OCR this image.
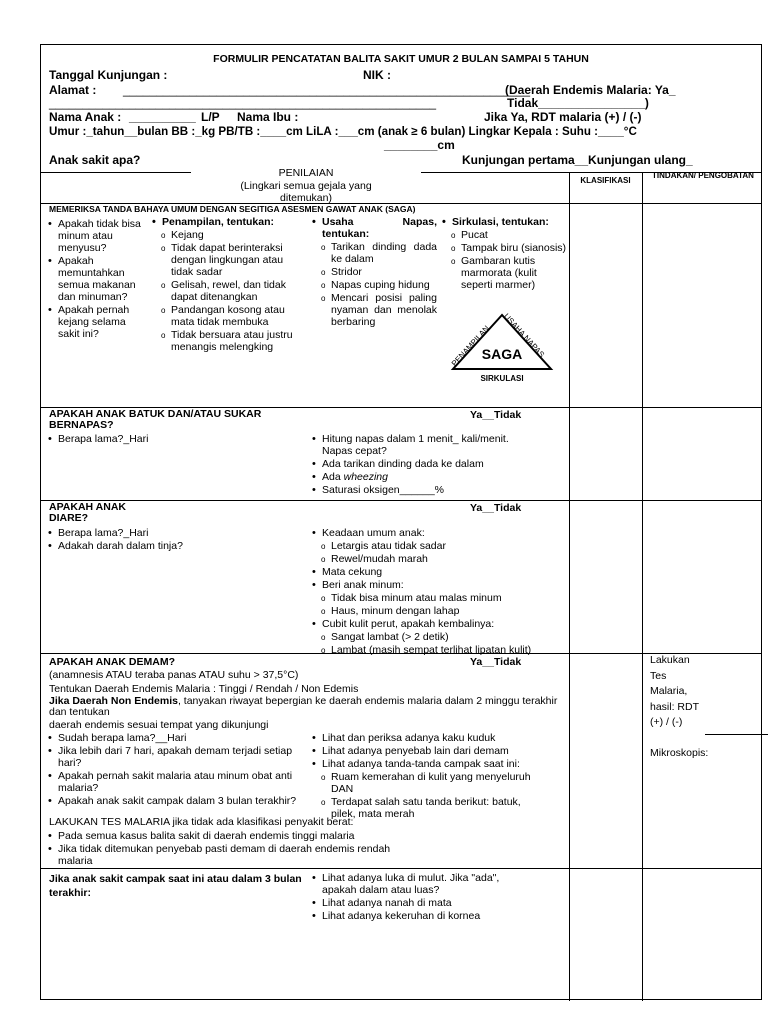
FORMULIR PENCATATAN BALITA SAKIT UMUR 2 BULAN SAMPAI 5 TAHUN
Tanggal Kunjungan :	NIK :
Alamat : _____________________________________________________________
(Daerah Endemis Malaria: Ya_
__________________________________________________________	Tidak________________)
Nama Anak : __________ L/P Nama Ibu :	Jika Ya, RDT malaria (+) / (-)
Umur :_tahun__bulan BB :_kg PB/TB :____cm LiLA :___cm (anak ≥ 6 bulan) Lingkar Kepala : Suhu :____°C
________cm
Anak sakit apa?	Kunjungan pertama__Kunjungan ulang_
PENILAIAN
(Lingkari semua gejala yang ditemukan)
KLASIFIKASI
TINDAKAN/ PENGOBATAN
MEMERIKSA TANDA BAHAYA UMUM DENGAN SEGITIGA ASESMEN GAWAT ANAK (SAGA)
• Apakah tidak bisa minum atau menyusu?
• Apakah memuntahkan semua makanan dan minuman?
• Apakah pernah kejang selama sakit ini?
• Penampilan, tentukan:
o Kejang
o Tidak dapat berinteraksi dengan lingkungan atau tidak sadar
o Gelisah, rewel, dan tidak dapat ditenangkan
o Pandangan kosong atau mata tidak membuka
o Tidak bersuara atau justru menangis melengking
• Usaha Napas, tentukan:
o Tarikan dinding dada ke dalam
o Stridor
o Napas cuping hidung
o Mencari posisi paling nyaman dan menolak berbaring
• Sirkulasi, tentukan:
o Pucat
o Tampak biru (sianosis)
o Gambaran kutis marmorata (kulit seperti marmer)
SAGA
PENAMPILAN
USAHA NAPAS
SIRKULASI
APAKAH ANAK BATUK DAN/ATAU SUKAR BERNAPAS?
Ya__Tidak
• Berapa lama?_Hari
•	Hitung napas dalam 1 menit_ kali/menit. Napas cepat?
• Ada tarikan dinding dada ke dalam
• Ada wheezing
• Saturasi oksigen______%
APAKAH ANAK DIARE?
Ya__Tidak
• Berapa lama?_Hari
• Adakah darah dalam tinja?
• Keadaan umum anak:
o Letargis atau tidak sadar
o Rewel/mudah marah
• Mata cekung
• Beri anak minum:
o Tidak bisa minum atau malas minum
o Haus, minum dengan lahap
• Cubit kulit perut, apakah kembalinya:
o Sangat lambat (> 2 detik)
o Lambat (masih sempat terlihat lipatan kulit)
APAKAH ANAK DEMAM?	Ya__Tidak
(anamnesis ATAU teraba panas ATAU suhu > 37,5°C)
Tentukan Daerah Endemis Malaria : Tinggi / Rendah / Non Edemis
Jika Daerah Non Endemis, tanyakan riwayat bepergian ke daerah endemis malaria dalam 2 minggu terakhir dan tentukan
daerah endemis sesuai tempat yang dikunjungi
• Sudah berapa lama?__Hari
• Jika lebih dari 7 hari, apakah demam terjadi setiap hari?
• Apakah pernah sakit malaria atau minum obat anti malaria?
• Apakah anak sakit campak dalam 3 bulan terakhir?
• Lihat dan periksa adanya kaku kuduk
• Lihat adanya penyebab lain dari demam
• Lihat adanya tanda-tanda campak saat ini:
o Ruam kemerahan di kulit yang menyeluruh DAN
o Terdapat salah satu tanda berikut: batuk, pilek, mata merah
LAKUKAN TES MALARIA jika tidak ada klasifikasi penyakit berat:
• Pada semua kasus balita sakit di daerah endemis tinggi malaria
• Jika tidak ditemukan penyebab pasti demam di daerah endemis rendah malaria
Lakukan
Tes
Malaria,
hasil: RDT
(+) / (-)
Mikroskopis:
Jika anak sakit campak saat ini atau dalam 3 bulan terakhir:
• Lihat adanya luka di mulut. Jika "ada", apakah dalam atau luas?
• Lihat adanya nanah di mata
• Lihat adanya kekeruhan di kornea
